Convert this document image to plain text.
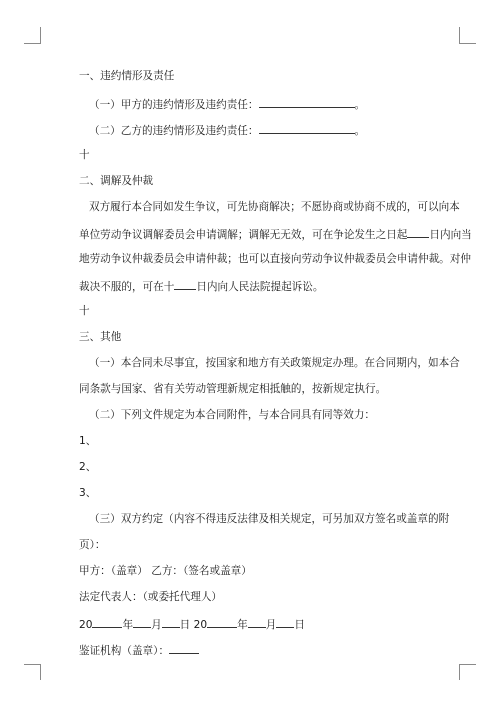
一、违约情形及责任
（一）甲方的违约情形及违约责任：	。
（二）乙方的违约情形及违约责任：	。
十
二、调解及仲裁
双方履行本合同如发生争议，可先协商解决；不愿协商或协商不成的，可以向本
单位劳动争议调解委员会申请调解；调解无无效，可在争论发生之日起 日内向当
地劳动争议仲裁委员会申请仲裁；也可以直接向劳动争议仲裁委员会申请仲裁。对仲
裁决不服的，可在十 日内向人民法院提起诉讼。
十
三、其他
（一）本合同未尽事宜，按国家和地方有关政策规定办理。在合同期内，如本合
同条款与国家、省有关劳动管理新规定相抵触的，按新规定执行。
（二）下列文件规定为本合同附件，与本合同具有同等效力：
1、
2、
3、
（三）双方约定（内容不得违反法律及相关规定，可另加双方签名或盖章的附
页）：
甲方：（盖章） 乙方：（签名或盖章）
法定代表人：（或委托代理人）
20	年 月 日 20	年 月 日
鉴证机构（盖章）：
